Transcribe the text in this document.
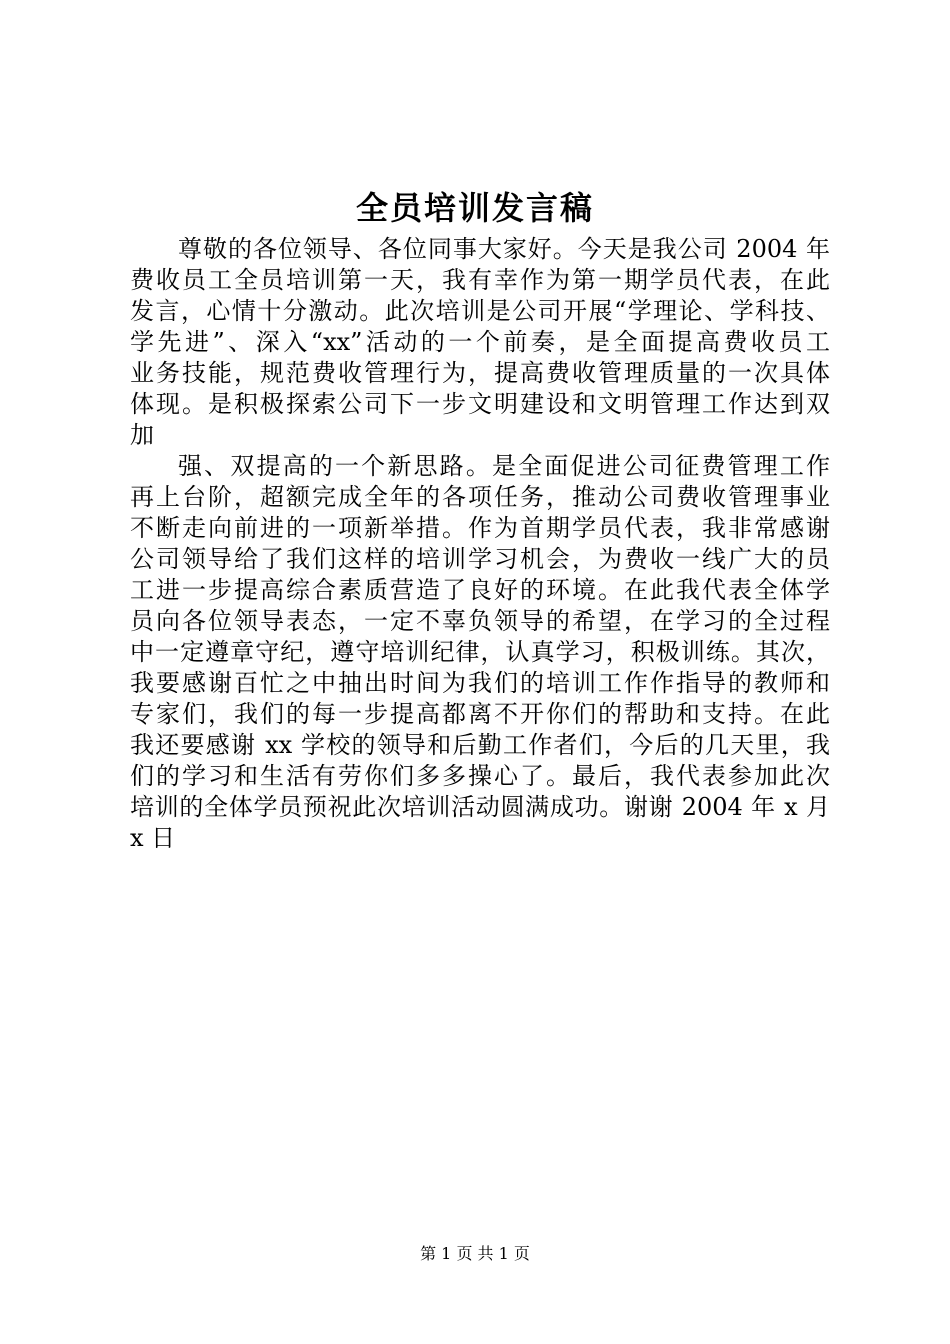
全员培训发言稿
尊敬的各位领导、各位同事大家好。今天是我公司 2004 年
费收员工全员培训第一天，我有幸作为第一期学员代表，在此
发言，心情十分激动。此次培训是公司开展“学理论、学科技、
学先进”、深入“xx”活动的一个前奏，是全面提高费收员工
业务技能，规范费收管理行为，提高费收管理质量的一次具体
体现。是积极探索公司下一步文明建设和文明管理工作达到双
加
强、双提高的一个新思路。是全面促进公司征费管理工作
再上台阶，超额完成全年的各项任务，推动公司费收管理事业
不断走向前进的一项新举措。作为首期学员代表，我非常感谢
公司领导给了我们这样的培训学习机会，为费收一线广大的员
工进一步提高综合素质营造了良好的环境。在此我代表全体学
员向各位领导表态，一定不辜负领导的希望，在学习的全过程
中一定遵章守纪，遵守培训纪律，认真学习，积极训练。其次，
我要感谢百忙之中抽出时间为我们的培训工作作指导的教师和
专家们，我们的每一步提高都离不开你们的帮助和支持。在此
我还要感谢 xx 学校的领导和后勤工作者们，今后的几天里，我
们的学习和生活有劳你们多多操心了。最后，我代表参加此次
培训的全体学员预祝此次培训活动圆满成功。谢谢 2004 年 x 月
x 日
第 1 页 共 1 页
